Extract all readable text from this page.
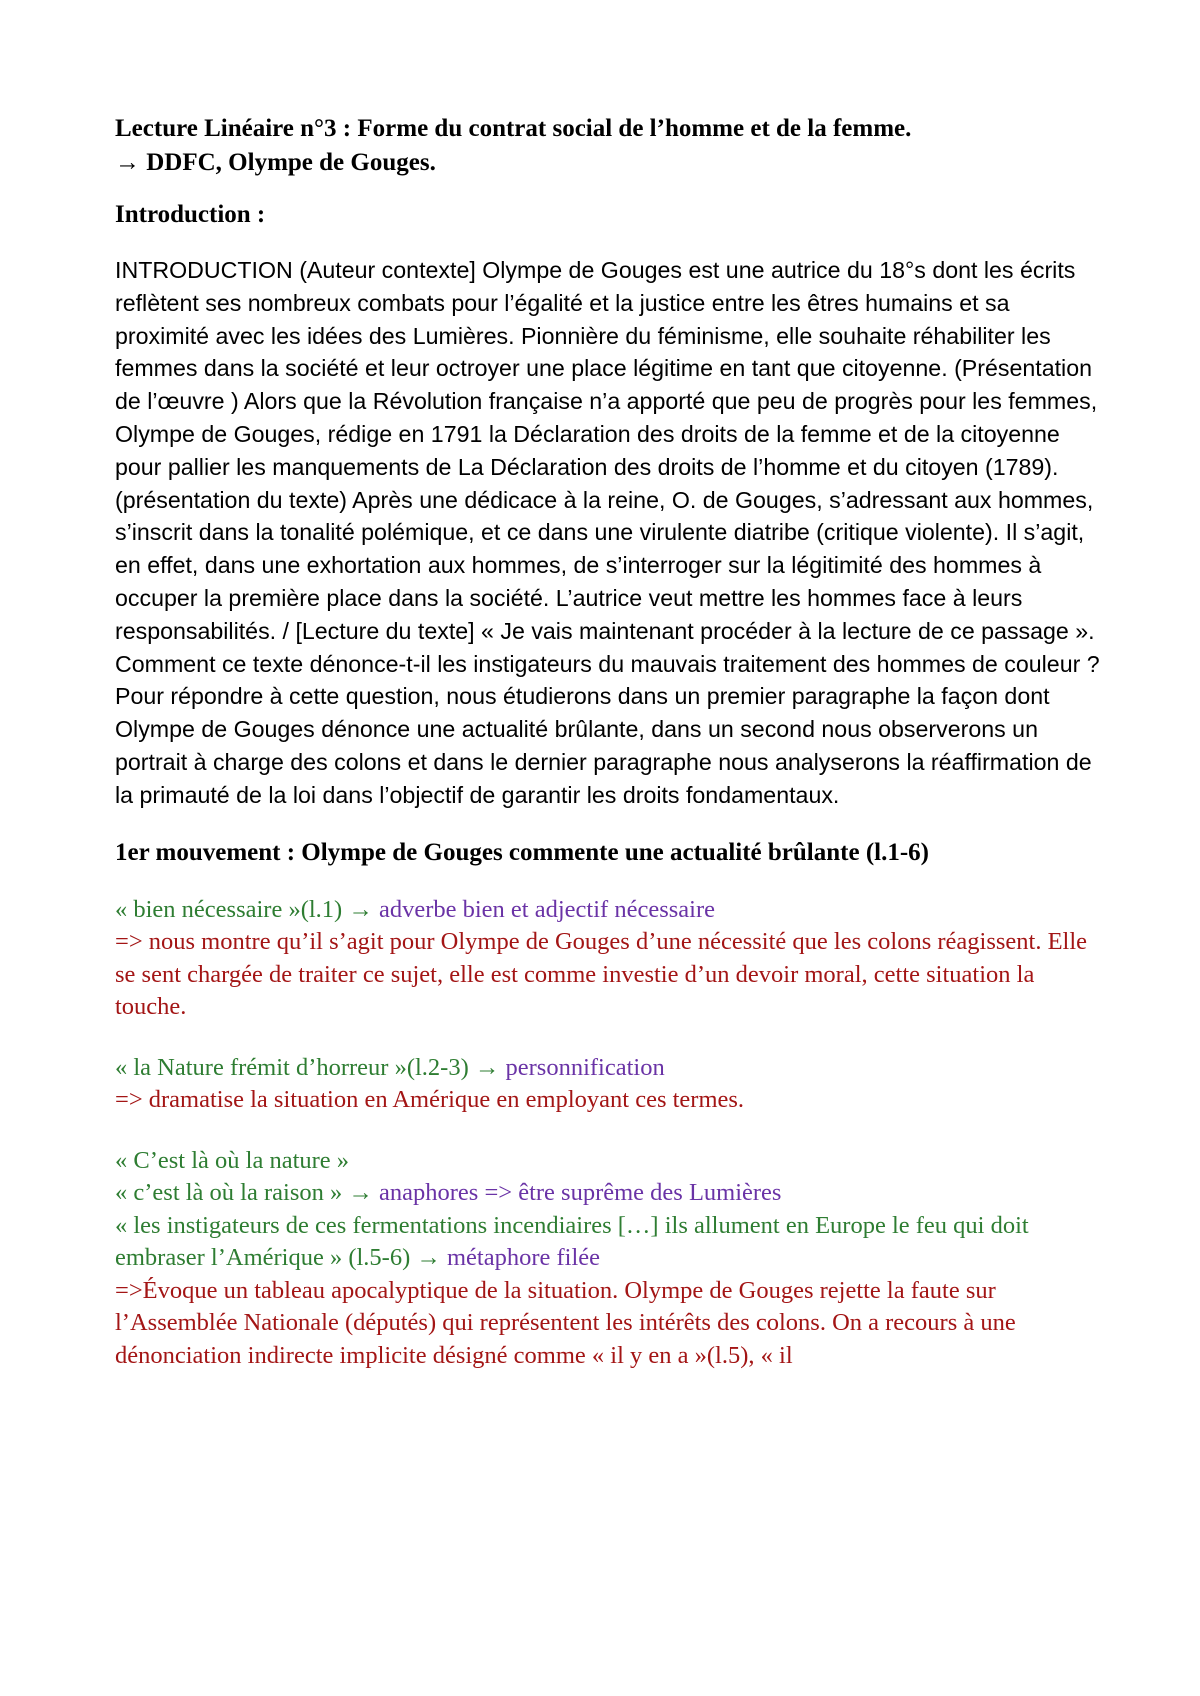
Lecture Linéaire n°3 : Forme du contrat social de l’homme et de la femme.
→ DDFC, Olympe de Gouges.

Introduction :

INTRODUCTION (Auteur contexte] Olympe de Gouges est une autrice du 18°s dont les écrits reflètent ses nombreux combats pour l’égalité et la justice entre les êtres humains et sa proximité avec les idées des Lumières. Pionnière du féminisme, elle souhaite réhabiliter les femmes dans la société et leur octroyer une place légitime en tant que citoyenne. (Présentation de l’œuvre ) Alors que la Révolution française n’a apporté que peu de progrès pour les femmes, Olympe de Gouges, rédige en 1791 la Déclaration des droits de la femme et de la citoyenne pour pallier les manquements de La Déclaration des droits de l’homme et du citoyen (1789). (présentation du texte) Après une dédicace à la reine, O. de Gouges, s’adressant aux hommes, s’inscrit dans la tonalité polémique, et ce dans une virulente diatribe (critique violente). Il s’agit, en effet, dans une exhortation aux hommes, de s’interroger sur la légitimité des hommes à occuper la première place dans la société. L’autrice veut mettre les hommes face à leurs responsabilités. / [Lecture du texte] « Je vais maintenant procéder à la lecture de ce passage ». Comment ce texte dénonce-t-il les instigateurs du mauvais traitement des hommes de couleur ? Pour répondre à cette question, nous étudierons dans un premier paragraphe la façon dont Olympe de Gouges dénonce une actualité brûlante, dans un second nous observerons un portrait à charge des colons et dans le dernier paragraphe nous analyserons la réaffirmation de la primauté de la loi dans l’objectif de garantir les droits fondamentaux.

1er mouvement : Olympe de Gouges commente une actualité brûlante (l.1-6)

« bien nécessaire »(l.1) → adverbe bien et adjectif nécessaire

=> nous montre qu’il s’agit pour Olympe de Gouges d’une nécessité que les colons réagissent. Elle se sent chargée de traiter ce sujet, elle est comme investie d’un devoir moral, cette situation la touche.

« la Nature frémit d’horreur »(l.2-3) → personnification

=> dramatise la situation en Amérique en employant ces termes.

« C’est là où la nature »

« c’est là où la raison » → anaphores => être suprême des Lumières

« les instigateurs de ces fermentations incendiaires […] ils allument en Europe le feu qui doit embraser l’Amérique » (l.5-6) → métaphore filée

=>Évoque un tableau apocalyptique de la situation. Olympe de Gouges rejette la faute sur l’Assemblée Nationale (députés) qui représentent les intérêts des colons. On a recours à une dénonciation indirecte implicite désigné comme « il y en a »(l.5), « il
